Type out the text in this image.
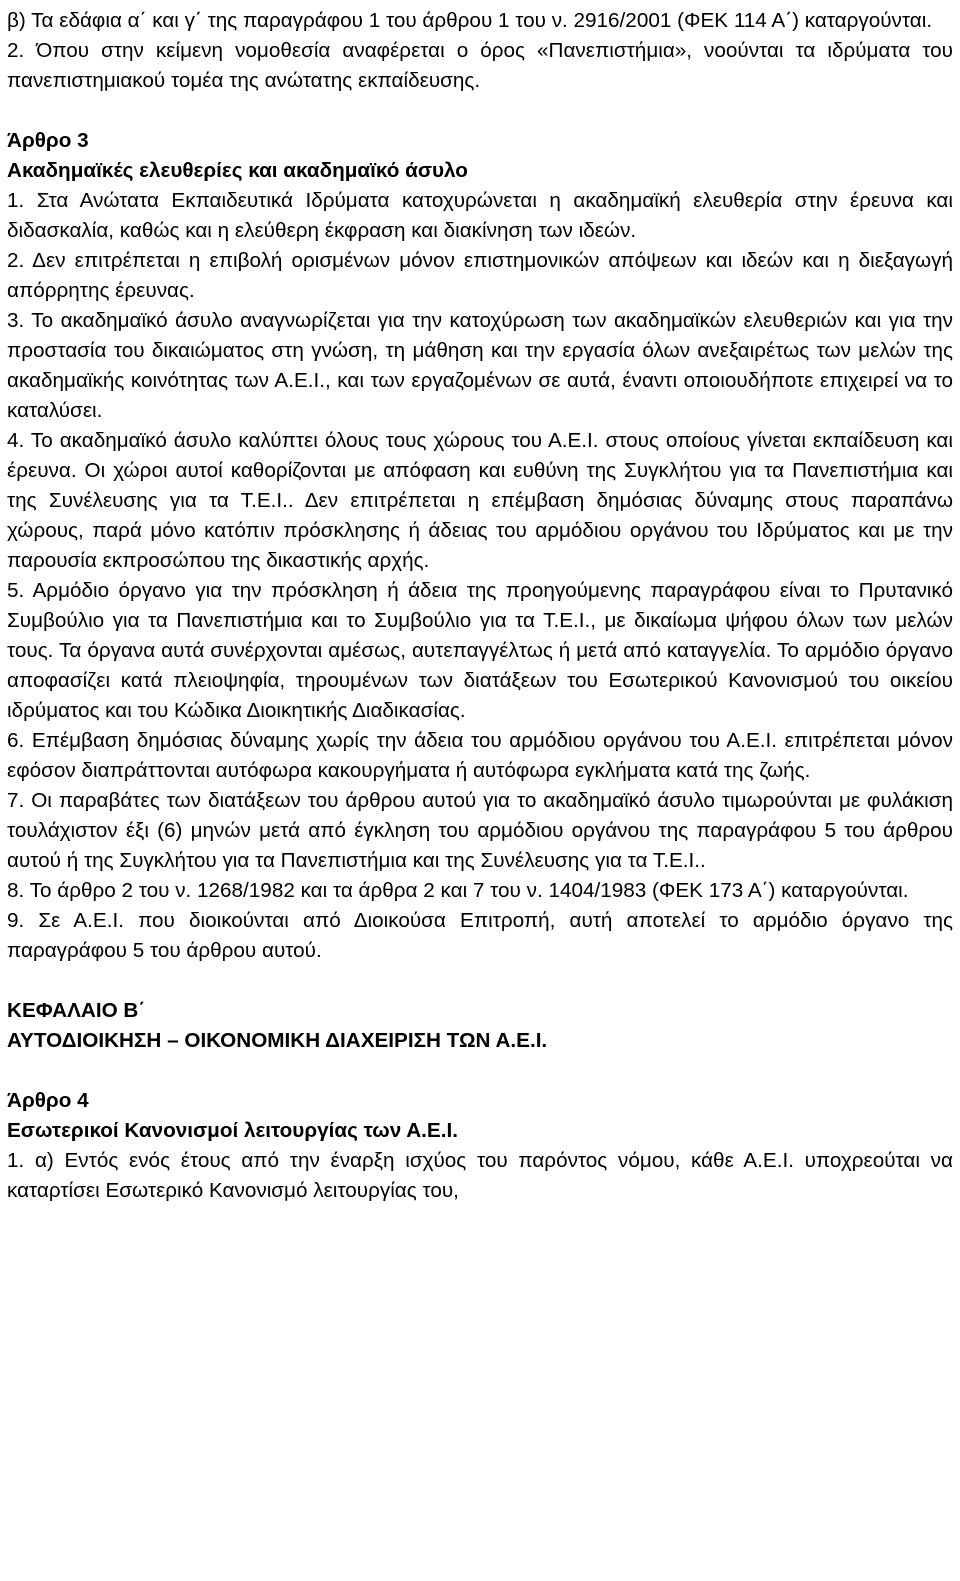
β) Τα εδάφια α΄ και γ΄ της παραγράφου 1 του άρθρου 1 του ν. 2916/2001 (ΦΕΚ 114 Α΄) καταργούνται.

2. Όπου στην κείμενη νομοθεσία αναφέρεται ο όρος «Πανεπιστήμια», νοούνται τα ιδρύματα του πανεπιστημιακού τομέα της ανώτατης εκπαίδευσης.

Άρθρο 3

Ακαδημαϊκές ελευθερίες και ακαδημαϊκό άσυλο

1. Στα Ανώτατα Εκπαιδευτικά Ιδρύματα κατοχυρώνεται η ακαδημαϊκή ελευθερία στην έρευνα και διδασκαλία, καθώς και η ελεύθερη έκφραση και διακίνηση των ιδεών.

2. Δεν επιτρέπεται η επιβολή ορισμένων μόνον επιστημονικών απόψεων και ιδεών και η διεξαγωγή απόρρητης έρευνας.

3. Το ακαδημαϊκό άσυλο αναγνωρίζεται για την κατοχύρωση των ακαδημαϊκών ελευθεριών και για την προστασία του δικαιώματος στη γνώση, τη μάθηση και την εργασία όλων ανεξαιρέτως των μελών της ακαδημαϊκής κοινότητας των Α.Ε.Ι., και των εργαζομένων σε αυτά, έναντι οποιουδήποτε επιχειρεί να το καταλύσει.

4. Το ακαδημαϊκό άσυλο καλύπτει όλους τους χώρους του Α.Ε.Ι. στους οποίους γίνεται εκπαίδευση και έρευνα. Οι χώροι αυτοί καθορίζονται με απόφαση και ευθύνη της Συγκλήτου για τα Πανεπιστήμια και της Συνέλευσης για τα Τ.Ε.Ι.. Δεν επιτρέπεται η επέμβαση δημόσιας δύναμης στους παραπάνω χώρους, παρά μόνο κατόπιν πρόσκλησης ή άδειας του αρμόδιου οργάνου του Ιδρύματος και με την παρουσία εκπροσώπου της δικαστικής αρχής.

5. Αρμόδιο όργανο για την πρόσκληση ή άδεια της προηγούμενης παραγράφου είναι το Πρυτανικό Συμβούλιο για τα Πανεπιστήμια και το Συμβούλιο για τα Τ.Ε.Ι., με δικαίωμα ψήφου όλων των μελών τους. Τα όργανα αυτά συνέρχονται αμέσως, αυτεπαγγέλτως ή μετά από καταγγελία. Το αρμόδιο όργανο αποφασίζει κατά πλειοψηφία, τηρουμένων των διατάξεων του Εσωτερικού Κανονισμού του οικείου ιδρύματος και του Κώδικα Διοικητικής Διαδικασίας.

6. Επέμβαση δημόσιας δύναμης χωρίς την άδεια του αρμόδιου οργάνου του Α.Ε.Ι. επιτρέπεται μόνον εφόσον διαπράττονται αυτόφωρα κακουργήματα ή αυτόφωρα εγκλήματα κατά της ζωής.

7. Οι παραβάτες των διατάξεων του άρθρου αυτού για το ακαδημαϊκό άσυλο τιμωρούνται με φυλάκιση τουλάχιστον έξι (6) μηνών μετά από έγκληση του αρμόδιου οργάνου της παραγράφου 5 του άρθρου αυτού ή της Συγκλήτου για τα Πανεπιστήμια και της Συνέλευσης για τα Τ.Ε.Ι..

8. Το άρθρο 2 του ν. 1268/1982 και τα άρθρα 2 και 7 του ν. 1404/1983 (ΦΕΚ 173 Α΄) καταργούνται.

9. Σε Α.Ε.Ι. που διοικούνται από Διοικούσα Επιτροπή, αυτή αποτελεί το αρμόδιο όργανο της παραγράφου 5 του άρθρου αυτού.

ΚΕΦΑΛΑΙΟ Β΄

ΑΥΤΟΔΙΟΙΚΗΣΗ – ΟΙΚΟΝΟΜΙΚΗ ΔΙΑΧΕΙΡΙΣΗ ΤΩΝ Α.Ε.Ι.

Άρθρο 4

Εσωτερικοί Κανονισμοί λειτουργίας των Α.Ε.Ι.

1. α) Εντός ενός έτους από την έναρξη ισχύος του παρόντος νόμου, κάθε Α.Ε.Ι. υποχρεούται να καταρτίσει Εσωτερικό Κανονισμό λειτουργίας του,
